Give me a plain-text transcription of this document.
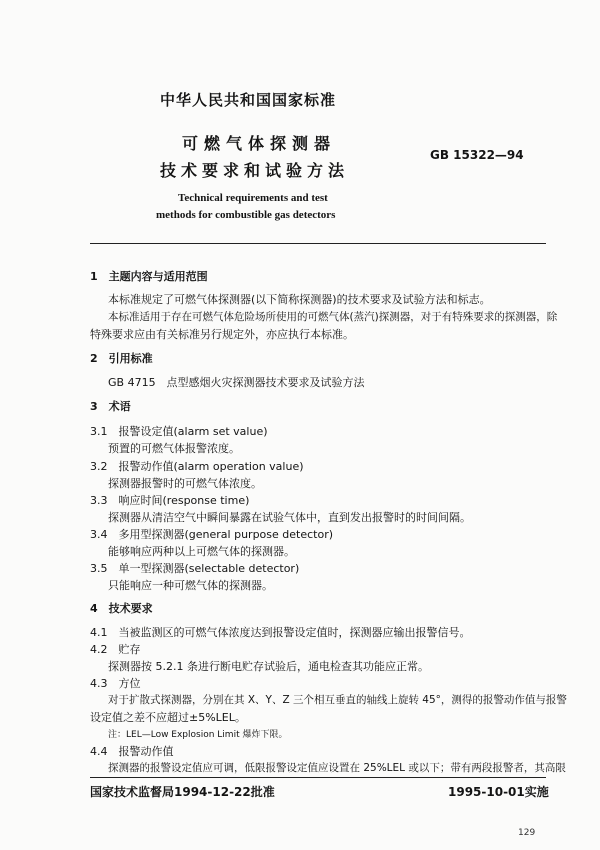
中华人民共和国国家标准
可燃气体探测器
技术要求和试验方法
GB 15322—94
Technical requirements and test
methods for combustible gas detectors
1　主题内容与适用范围
本标准规定了可燃气体探测器(以下简称探测器)的技术要求及试验方法和标志。
本标准适用于存在可燃气体危险场所使用的可燃气体(蒸汽)探测器，对于有特殊要求的探测器，除
特殊要求应由有关标准另行规定外，亦应执行本标准。
2　引用标准
GB 4715　点型感烟火灾探测器技术要求及试验方法
3　术语
3.1　报警设定值(alarm set value)
预置的可燃气体报警浓度。
3.2　报警动作值(alarm operation value)
探测器报警时的可燃气体浓度。
3.3　响应时间(response time)
探测器从清洁空气中瞬间暴露在试验气体中，直到发出报警时的时间间隔。
3.4　多用型探测器(general purpose detector)
能够响应两种以上可燃气体的探测器。
3.5　单一型探测器(selectable detector)
只能响应一种可燃气体的探测器。
4　技术要求
4.1　当被监测区的可燃气体浓度达到报警设定值时，探测器应输出报警信号。
4.2　贮存
探测器按 5.2.1 条进行断电贮存试验后，通电检查其功能应正常。
4.3　方位
对于扩散式探测器，分别在其 X、Y、Z 三个相互垂直的轴线上旋转 45°，测得的报警动作值与报警
设定值之差不应超过±5%LEL。
注：LEL—Low Explosion Limit 爆炸下限。
4.4　报警动作值
探测器的报警设定值应可调，低限报警设定值应设置在 25%LEL 或以下；带有两段报警者，其高限
国家技术监督局1994-12-22批准	1995-10-01实施
129
